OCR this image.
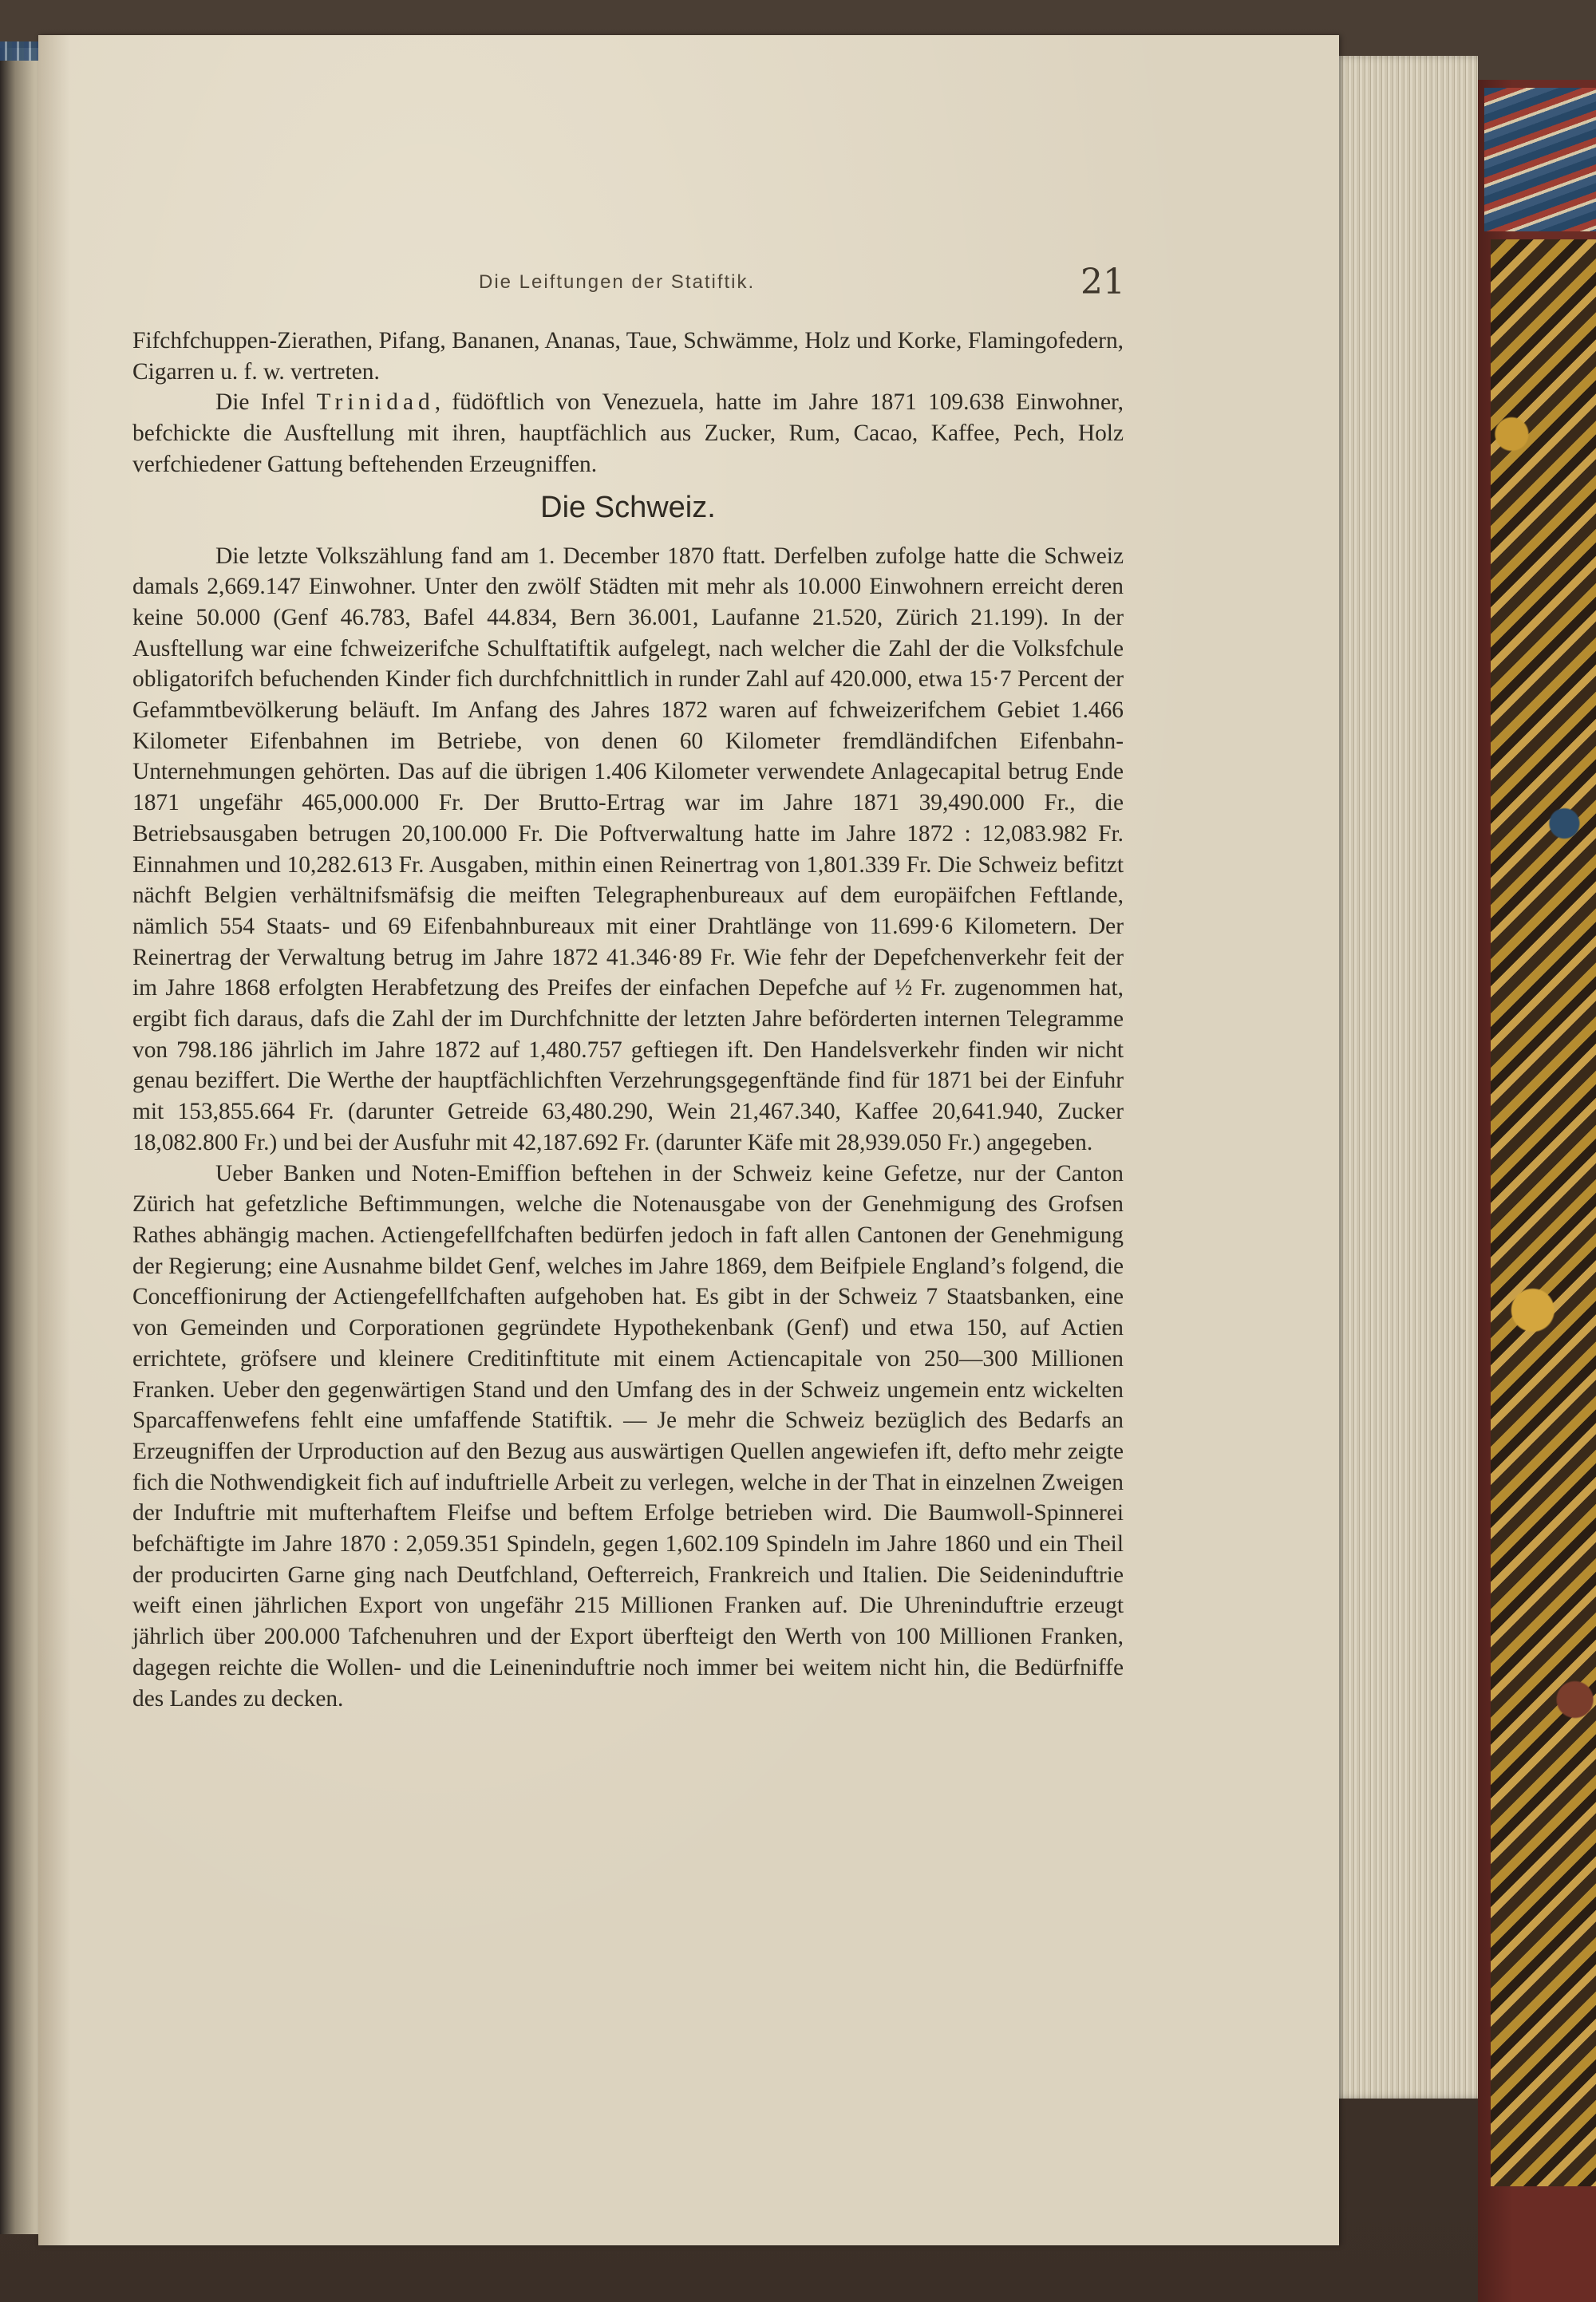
Die Leiftungen der Statiftik.	21

Fifchfchuppen-Zierathen, Pifang, Bananen, Ananas, Taue, Schwämme, Holz und Korke, Flamingofedern, Cigarren u. f. w. vertreten.

Die Infel Trinidad, füdöftlich von Venezuela, hatte im Jahre 1871 109.638 Einwohner, befchickte die Ausftellung mit ihren, hauptfächlich aus Zucker, Rum, Cacao, Kaffee, Pech, Holz verfchiedener Gattung beftehenden Erzeugniffen.

Die Schweiz.

Die letzte Volkszählung fand am 1. December 1870 ftatt. Derfelben zufolge hatte die Schweiz damals 2,669.147 Einwohner. Unter den zwölf Städten mit mehr als 10.000 Einwohnern erreicht deren keine 50.000 (Genf 46.783, Bafel 44.834, Bern 36.001, Laufanne 21.520, Zürich 21.199). In der Ausftellung war eine fchweizerifche Schulftatiftik aufgelegt, nach welcher die Zahl der die Volksfchule obligatorifch befuchenden Kinder fich durchfchnittlich in runder Zahl auf 420.000, etwa 15·7 Percent der Gefammtbevölkerung beläuft. Im Anfang des Jahres 1872 waren auf fchweizerifchem Gebiet 1.466 Kilometer Eifenbahnen im Betriebe, von denen 60 Kilometer fremdländifchen Eifenbahn-Unternehmungen gehörten. Das auf die übrigen 1.406 Kilometer verwendete Anlagecapital betrug Ende 1871 ungefähr 465,000.000 Fr. Der Brutto-Ertrag war im Jahre 1871 39,490.000 Fr., die Betriebsausgaben betrugen 20,100.000 Fr. Die Poftverwaltung hatte im Jahre 1872 : 12,083.982 Fr. Einnahmen und 10,282.613 Fr. Ausgaben, mithin einen Reinertrag von 1,801.339 Fr. Die Schweiz befitzt nächft Belgien verhältnifsmäfsig die meiften Telegraphenbureaux auf dem europäifchen Feftlande, nämlich 554 Staats- und 69 Eifenbahnbureaux mit einer Drahtlänge von 11.699·6 Kilometern. Der Reinertrag der Verwaltung betrug im Jahre 1872 41.346·89 Fr. Wie fehr der Depefchenverkehr feit der im Jahre 1868 erfolgten Herabfetzung des Preifes der einfachen Depefche auf ½ Fr. zugenommen hat, ergibt fich daraus, dafs die Zahl der im Durchfchnitte der letzten Jahre beförderten internen Telegramme von 798.186 jährlich im Jahre 1872 auf 1,480.757 geftiegen ift. Den Handelsverkehr finden wir nicht genau beziffert. Die Werthe der hauptfächlichften Verzehrungsgegenftände find für 1871 bei der Einfuhr mit 153,855.664 Fr. (darunter Getreide 63,480.290, Wein 21,467.340, Kaffee 20,641.940, Zucker 18,082.800 Fr.) und bei der Ausfuhr mit 42,187.692 Fr. (darunter Käfe mit 28,939.050 Fr.) angegeben.

Ueber Banken und Noten-Emiffion beftehen in der Schweiz keine Gefetze, nur der Canton Zürich hat gefetzliche Beftimmungen, welche die Notenausgabe von der Genehmigung des Grofsen Rathes abhängig machen. Actiengefellfchaften bedürfen jedoch in faft allen Cantonen der Genehmigung der Regierung; eine Ausnahme bildet Genf, welches im Jahre 1869, dem Beifpiele England’s folgend, die Conceffionirung der Actiengefellfchaften aufgehoben hat. Es gibt in der Schweiz 7 Staatsbanken, eine von Gemeinden und Corporationen gegründete Hypothekenbank (Genf) und etwa 150, auf Actien errichtete, gröfsere und kleinere Creditinftitute mit einem Actiencapitale von 250—300 Millionen Franken. Ueber den gegenwärtigen Stand und den Umfang des in der Schweiz ungemein entz wickelten Sparcaffenwefens fehlt eine umfaffende Statiftik. — Je mehr die Schweiz bezüglich des Bedarfs an Erzeugniffen der Urproduction auf den Bezug aus auswärtigen Quellen angewiefen ift, defto mehr zeigte fich die Nothwendigkeit fich auf induftrielle Arbeit zu verlegen, welche in der That in einzelnen Zweigen der Induftrie mit mufterhaftem Fleifse und beftem Erfolge betrieben wird. Die Baumwoll-Spinnerei befchäftigte im Jahre 1870 : 2,059.351 Spindeln, gegen 1,602.109 Spindeln im Jahre 1860 und ein Theil der producirten Garne ging nach Deutfchland, Oefterreich, Frankreich und Italien. Die Seideninduftrie weift einen jährlichen Export von ungefähr 215 Millionen Franken auf. Die Uhreninduftrie erzeugt jährlich über 200.000 Tafchenuhren und der Export überfteigt den Werth von 100 Millionen Franken, dagegen reichte die Wollen- und die Leineninduftrie noch immer bei weitem nicht hin, die Bedürfniffe des Landes zu decken.
